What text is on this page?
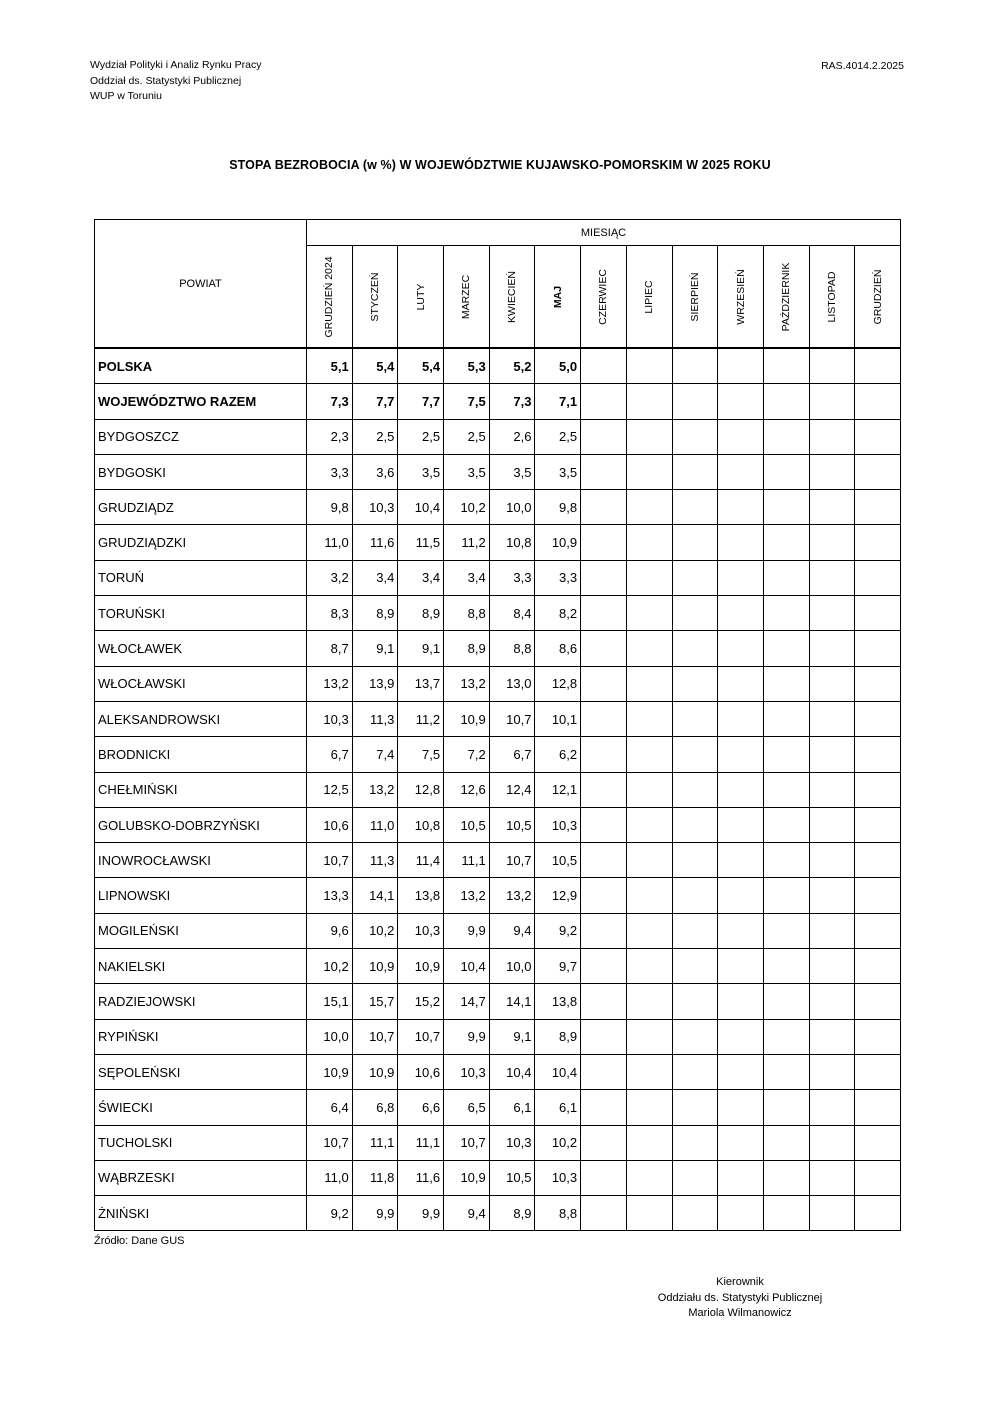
Wydział Polityki i Analiz Rynku Pracy
Oddział ds. Statystyki Publicznej
WUP w Toruniu
RAS.4014.2.2025
STOPA BEZROBOCIA (w %) W WOJEWÓDZTWIE KUJAWSKO-POMORSKIM W 2025 ROKU
POWIAT	MIESIĄC												

	GRUDZIEŃ 2024	STYCZEŃ	LUTY	MARZEC	KWIECIEŃ	MAJ	CZERWIEC	LIPIEC	SIERPIEŃ	WRZESIEŃ	PAŹDZIERNIK	LISTOPAD	GRUDZIEŃ

POLSKA	5,1	5,4	5,4	5,3	5,2	5,0							
WOJEWÓDZTWO RAZEM	7,3	7,7	7,7	7,5	7,3	7,1							
BYDGOSZCZ	2,3	2,5	2,5	2,5	2,6	2,5							
BYDGOSKI	3,3	3,6	3,5	3,5	3,5	3,5							
GRUDZIĄDZ	9,8	10,3	10,4	10,2	10,0	9,8							
GRUDZIĄDZKI	11,0	11,6	11,5	11,2	10,8	10,9							
TORUŃ	3,2	3,4	3,4	3,4	3,3	3,3							
TORUŃSKI	8,3	8,9	8,9	8,8	8,4	8,2							
WŁOCŁAWEK	8,7	9,1	9,1	8,9	8,8	8,6							
WŁOCŁAWSKI	13,2	13,9	13,7	13,2	13,0	12,8							
ALEKSANDROWSKI	10,3	11,3	11,2	10,9	10,7	10,1							
BRODNICKI	6,7	7,4	7,5	7,2	6,7	6,2							
CHEŁMIŃSKI	12,5	13,2	12,8	12,6	12,4	12,1							
GOLUBSKO-DOBRZYŃSKI	10,6	11,0	10,8	10,5	10,5	10,3							
INOWROCŁAWSKI	10,7	11,3	11,4	11,1	10,7	10,5							
LIPNOWSKI	13,3	14,1	13,8	13,2	13,2	12,9							
MOGILEŃSKI	9,6	10,2	10,3	9,9	9,4	9,2							
NAKIELSKI	10,2	10,9	10,9	10,4	10,0	9,7							
RADZIEJOWSKI	15,1	15,7	15,2	14,7	14,1	13,8							
RYPIŃSKI	10,0	10,7	10,7	9,9	9,1	8,9							
SĘPOLEŃSKI	10,9	10,9	10,6	10,3	10,4	10,4							
ŚWIECKI	6,4	6,8	6,6	6,5	6,1	6,1							
TUCHOLSKI	10,7	11,1	11,1	10,7	10,3	10,2							
WĄBRZESKI	11,0	11,8	11,6	10,9	10,5	10,3							
ŻNIŃSKI	9,2	9,9	9,9	9,4	8,9	8,8							
Źródło: Dane GUS
Kierownik
Oddziału ds. Statystyki Publicznej
Mariola Wilmanowicz
